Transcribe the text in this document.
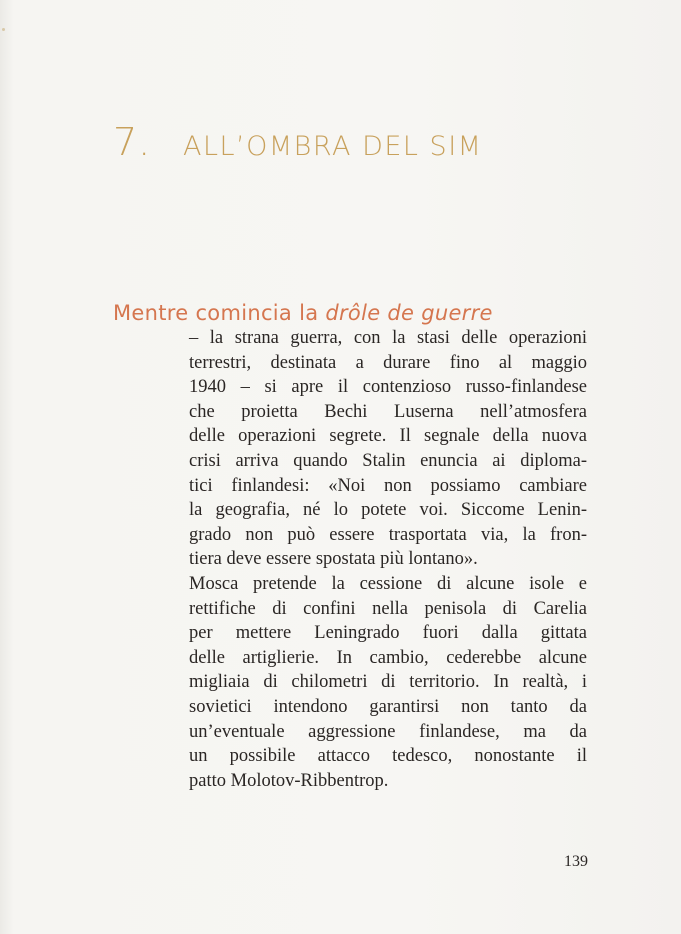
7. ALL’OMBRA DEL SIM
Mentre comincia la drôle de guerre
– la strana guerra, con la stasi delle operazioni
terrestri, destinata a durare fino al maggio
1940 – si apre il contenzioso russo-finlandese
che proietta Bechi Luserna nell’atmosfera
delle operazioni segrete. Il segnale della nuova
crisi arriva quando Stalin enuncia ai diploma-
tici finlandesi: «Noi non possiamo cambiare
la geografia, né lo potete voi. Siccome Lenin-
grado non può essere trasportata via, la fron-
tiera deve essere spostata più lontano».
Mosca pretende la cessione di alcune isole e
rettifiche di confini nella penisola di Carelia
per mettere Leningrado fuori dalla gittata
delle artiglierie. In cambio, cederebbe alcune
migliaia di chilometri di territorio. In realtà, i
sovietici intendono garantirsi non tanto da
un’eventuale aggressione finlandese, ma da
un possibile attacco tedesco, nonostante il
patto Molotov-Ribbentrop.
139
